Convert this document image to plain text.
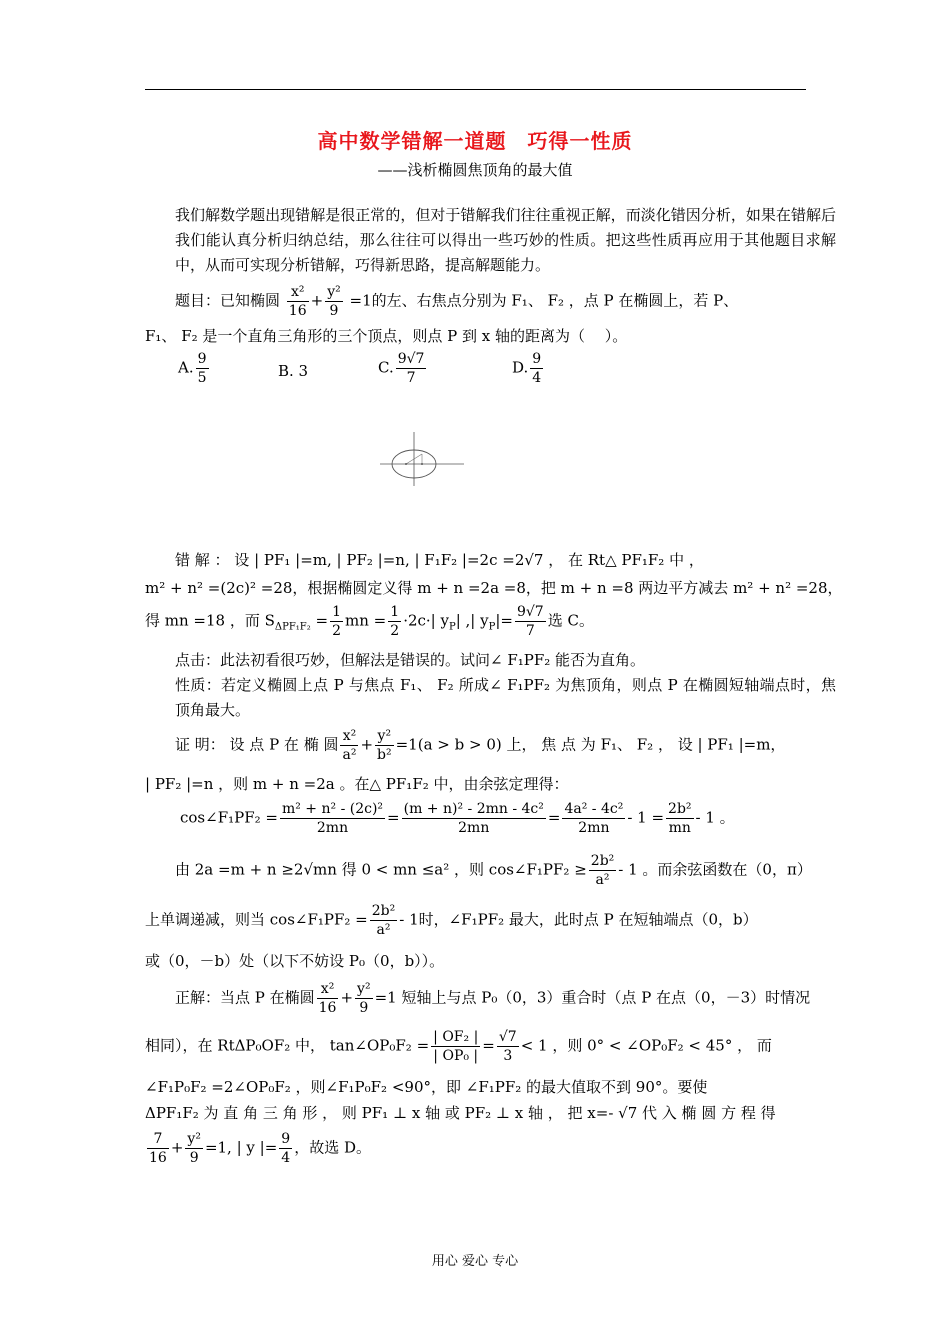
高中数学错解一道题　巧得一性质
——浅析椭圆焦顶角的最大值
我们解数学题出现错解是很正常的，但对于错解我们往往重视正解，而淡化错因分析，如果在错解后我们能认真分析归纳总结，那么往往可以得出一些巧妙的性质。把这些性质再应用于其他题目求解中，从而可实现分析错解，巧得新思路，提高解题能力。
题目：已知椭圆 $\frac{\text{x²}}{16} + \frac{\text{y²}}{9} =1$的左、右焦点分别为 F₁、 F₂ ，点 P 在椭圆上，若 P、
F₁、 F₂ 是一个直角三角形的三个顶点，则点 P 到 x 轴的距离为（　 ）。
A. $\frac{9}{5}$	B. 3	C. $\frac{9√7}{7}$	D. $\frac{9}{4}$
错 解 ： 设 | PF₁ |=m, | PF₂ |=n, | F₁F₂ |=2c =2√7 ， 在 Rt△ PF₁F₂ 中 ，
m² + n² =(2c)² =28，根据椭圆定义得 m + n =2a =8，把 m + n =8 两边平方减去 m² + n² =28，
得 mn =18 ，而 $S_{\Delta PF_1F_2} = \frac{1}{2}$ mn = $\frac{1}{2} \cdot 2c\cdot|$ $y_P|$ ,| $y_P|= \frac{9√7}{7}$ 选 C。
点击：此法初看很巧妙，但解法是错误的。试问∠ F₁PF₂ 能否为直角。
性质：若定义椭圆上点 P 与焦点 F₁、 F₂ 所成∠ F₁PF₂ 为焦顶角，则点 P 在椭圆短轴端点时，焦顶角最大。
证 明： 设 点 P 在 椭 圆 $\frac{\text{x²}}{\text{a²}} + \frac{\text{y²}}{\text{b²}} =1(a > b > 0)$ 上， 焦 点 为 F₁、 F₂ ， 设 | PF₁ |=m，
| PF₂ |=n ，则 m + n =2a 。在△ PF₁F₂ 中，由余弦定理得：
cos∠F₁PF₂ = $\frac{\text{m² + n² - (2c)²}}{2mn} = \frac{\text{(m + n)² - 2mn - 4c²}}{2mn} = \frac{\text{4a² - 4c²}}{2mn} - 1 = \frac{\text{2b²}}{mn} - 1$ 。
由 2a =m + n ≥2√mn 得 0 < mn ≤a² ，则 cos∠F₁PF₂ ≥ $\frac{\text{2b²}}{\text{a²}} - 1$ 。而余弦函数在（0，π）
上单调递减，则当 cos∠F₁PF₂ = $\frac{\text{2b²}}{\text{a²}} - 1$时，∠F₁PF₂ 最大，此时点 P 在短轴端点（0，b）
或（0，－b）处（以下不妨设 P₀（0，b））。
正解：当点 P 在椭圆 $\frac{\text{x²}}{16} + \frac{\text{y²}}{9} =1$ 短轴上与点 P₀（0，3）重合时（点 P 在点（0，－3）时情况
相同），在 RtΔP₀OF₂ 中， tan∠OP₀F₂ = $\frac{\text{| OF₂ |}}{\text{| OP₀ |}} = \frac{√7}{3} < 1$ ，则 0° < ∠OP₀F₂ < 45° ， 而
∠F₁P₀F₂ =2∠OP₀F₂ ，则∠F₁P₀F₂ <90°，即 ∠F₁PF₂ 的最大值取不到 90°。要使
ΔPF₁F₂ 为 直 角 三 角 形 ， 则 PF₁ ⊥ x 轴 或 PF₂ ⊥ x 轴 ， 把 x=- √7 代 入 椭 圆 方 程 得
$\frac{7}{16} + \frac{\text{y²}}{9} =1$, | y |= $\frac{9}{4}$ ，故选 D。
用心 爱心 专心
